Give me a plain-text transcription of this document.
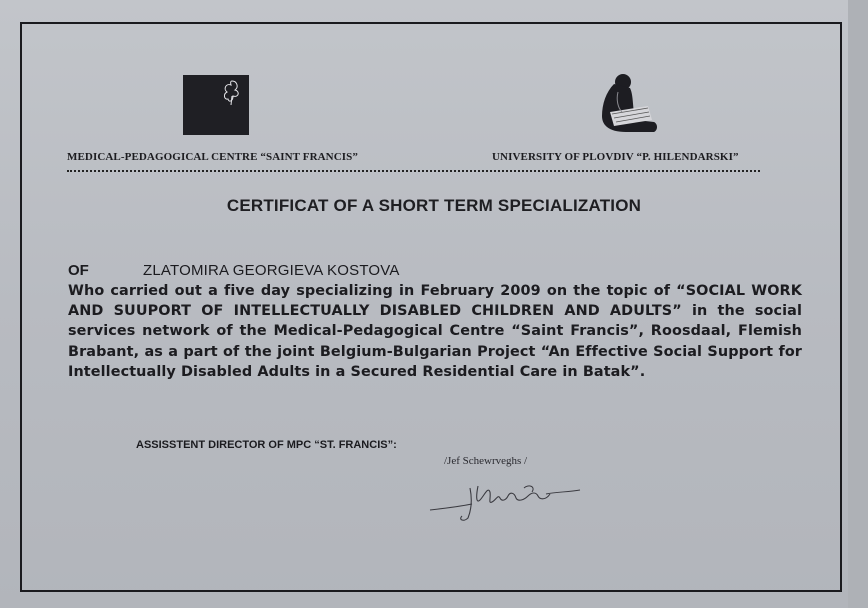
MEDICAL-PEDAGOGICAL CENTRE “SAINT FRANCIS”	UNIVERSITY OF PLOVDIV “P. HILENDARSKI”
CERTIFICAT OF A SHORT TERM SPECIALIZATION
OF	ZLATOMIRA GEORGIEVA KOSTOVA
Who carried out a five day specializing in February 2009 on the topic of “SOCIAL WORK AND SUUPORT OF INTELLECTUALLY DISABLED CHILDREN AND ADULTS” in the social services network of the Medical-Pedagogical Centre “Saint Francis”, Roosdaal, Flemish Brabant, as a part of the joint Belgium-Bulgarian Project “An Effective Social Support for Intellectually Disabled Adults in a Secured Residential Care in Batak”.
ASSISSTENT DIRECTOR OF MPC “ST. FRANCIS”:
/Jef Schewrveghs /
